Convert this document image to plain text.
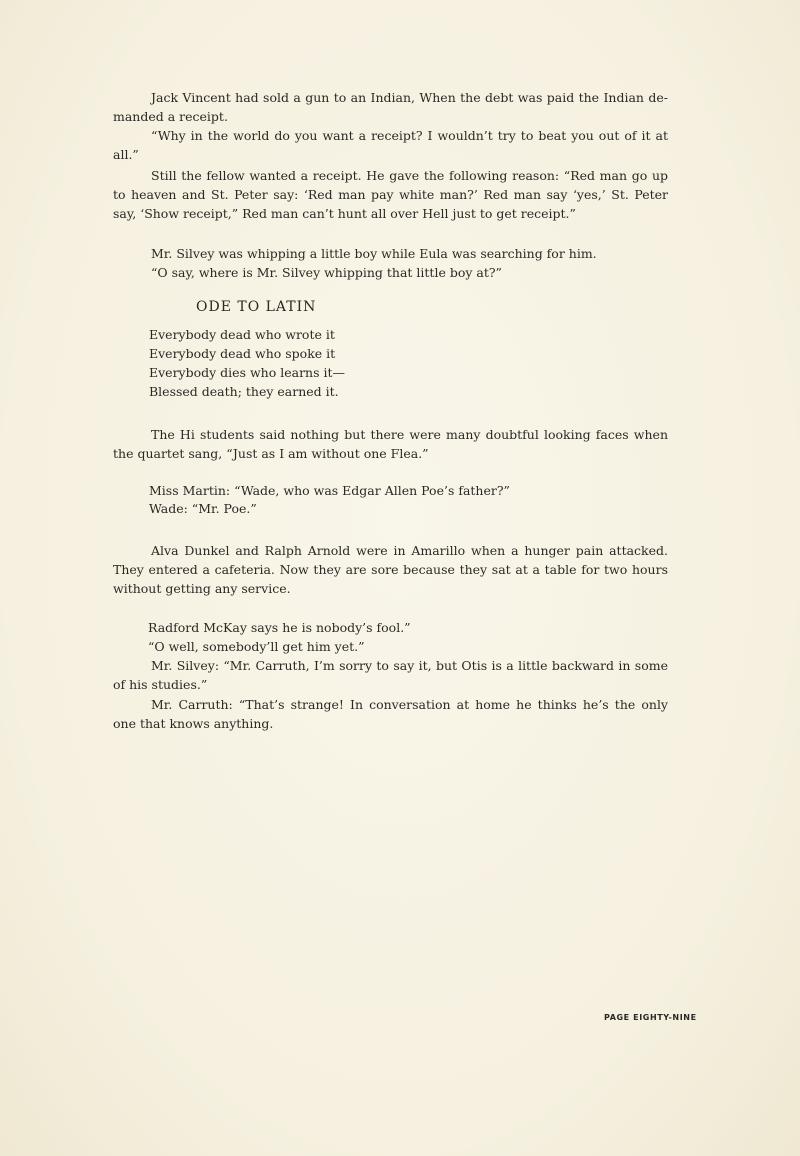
Jack Vincent had sold a gun to an Indian, When the debt was paid the Indian demanded a receipt.

“Why in the world do you want a receipt? I wouldn’t try to beat you out of it at all.”

Still the fellow wanted a receipt. He gave the following reason: “Red man go up to heaven and St. Peter say: ‘Red man pay white man?’ Red man say ‘yes,’ St. Peter say, ‘Show receipt,” Red man can’t hunt all over Hell just to get receipt.”

Mr. Silvey was whipping a little boy while Eula was searching for him.

“O say, where is Mr. Silvey whipping that little boy at?”

ODE TO LATIN

Everybody dead who wrote it

Everybody dead who spoke it

Everybody dies who learns it—

Blessed death; they earned it.

The Hi students said nothing but there were many doubtful looking faces when the quartet sang, “Just as I am without one Flea.”

Miss Martin: “Wade, who was Edgar Allen Poe’s father?”

Wade: “Mr. Poe.”

Alva Dunkel and Ralph Arnold were in Amarillo when a hunger pain attacked. They entered a cafeteria. Now they are sore because they sat at a table for two hours without getting any service.

Radford McKay says he is nobody’s fool.”

“O well, somebody’ll get him yet.”

Mr. Silvey: “Mr. Carruth, I’m sorry to say it, but Otis is a little backward in some of his studies.”

Mr. Carruth: “That’s strange! In conversation at home he thinks he’s the only one that knows anything.

PAGE EIGHTY-NINE
